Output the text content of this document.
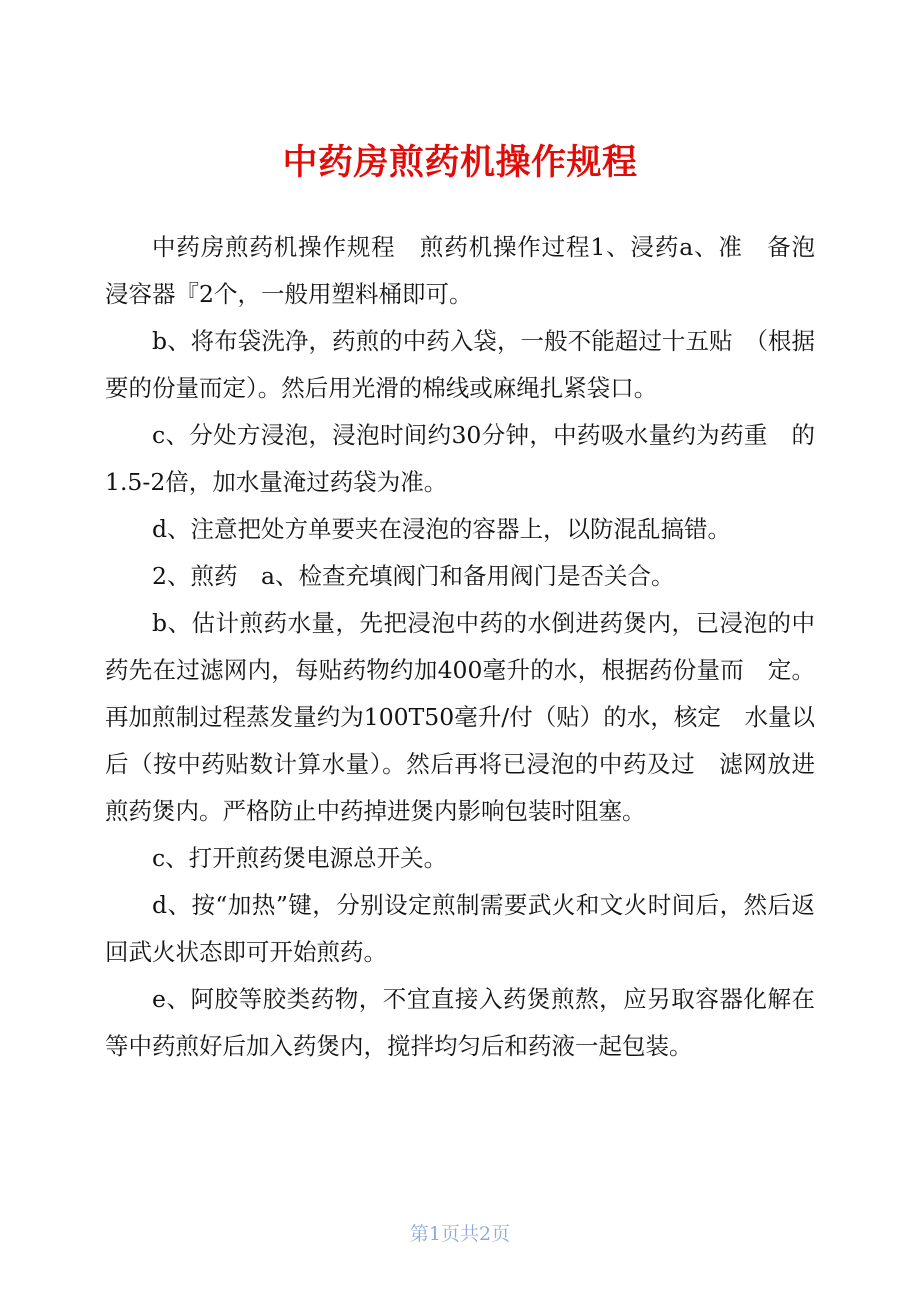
中药房煎药机操作规程

中药房煎药机操作规程　煎药机操作过程1、浸药a、准　备泡浸容器『2个，一般用塑料桶即可。

b、将布袋洗净，药煎的中药入袋，一般不能超过十五贴　（根据　要的份量而定）。然后用光滑的棉线或麻绳扎紧袋口。

c、分处方浸泡，浸泡时间约30分钟，中药吸水量约为药重　的1.5-2倍，加水量淹过药袋为准。

d、注意把处方单要夹在浸泡的容器上，以防混乱搞错。

2、煎药　a、检查充填阀门和备用阀门是否关合。

b、估计煎药水量，先把浸泡中药的水倒进药煲内，已浸泡的中药先在过滤网内，每贴药物约加400毫升的水，根据药份量而　定。再加煎制过程蒸发量约为100T50毫升/付（贴）的水，核定　水量以后（按中药贴数计算水量）。然后再将已浸泡的中药及过　滤网放进煎药煲内。严格防止中药掉进煲内影响包装时阻塞。

c、打开煎药煲电源总开关。

d、按“加热”键，分别设定煎制需要武火和文火时间后，然后返回武火状态即可开始煎药。

e、阿胶等胶类药物，不宜直接入药煲煎熬，应另取容器化解在等中药煎好后加入药煲内，搅拌均匀后和药液一起包装。

第1页共2页
